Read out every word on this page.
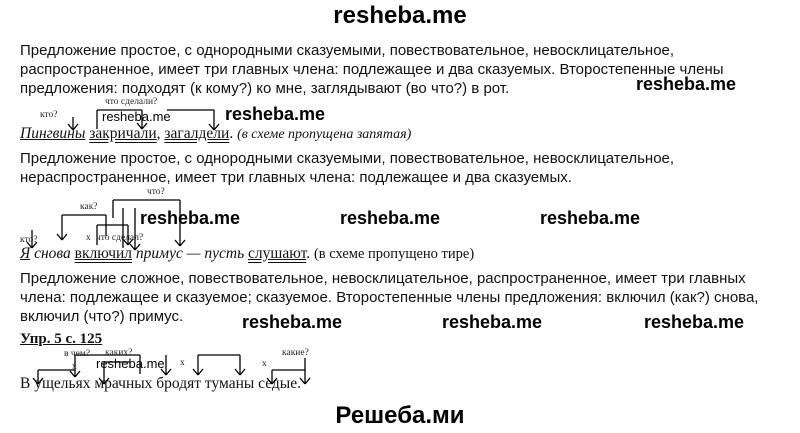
resheba.me
Предложение простое, с однородными сказуемыми, повествовательное, невосклицательное,
распространенное, имеет три главных члена: подлежащее и два сказуемых. Второстепенные члены
предложения: подходят (к кому?) ко мне, заглядывают (во что?) в рот.
кто?
что сделали?
Пингвины закричали, загалдели. (в схеме пропущена запятая)
Предложение простое, с однородными сказуемыми, повествовательное, невосклицательное,
нераспространенное, имеет три главных члена: подлежащее и два сказуемых.
как?
что?
кто?	x что сделал?
Я снова включил примус — пусть слушают. (в схеме пропущено тире)
Предложение сложное, повествовательное, невосклицательное, распространенное, имеет три главных
члена: подлежащее и сказуемое; сказуемое. Второстепенные члены предложения: включил (как?) снова,
включил (что?) примус.
Упр. 5 с. 125
в чем? каких?	какие?
x	x	x
В ущельях мрачных бродят туманы седые.
resheba.me
resheba.me
resheba.me
resheba.me	resheba.me	resheba.me
resheba.me	resheba.me	resheba.me
resheba.me
Решеба.ми
